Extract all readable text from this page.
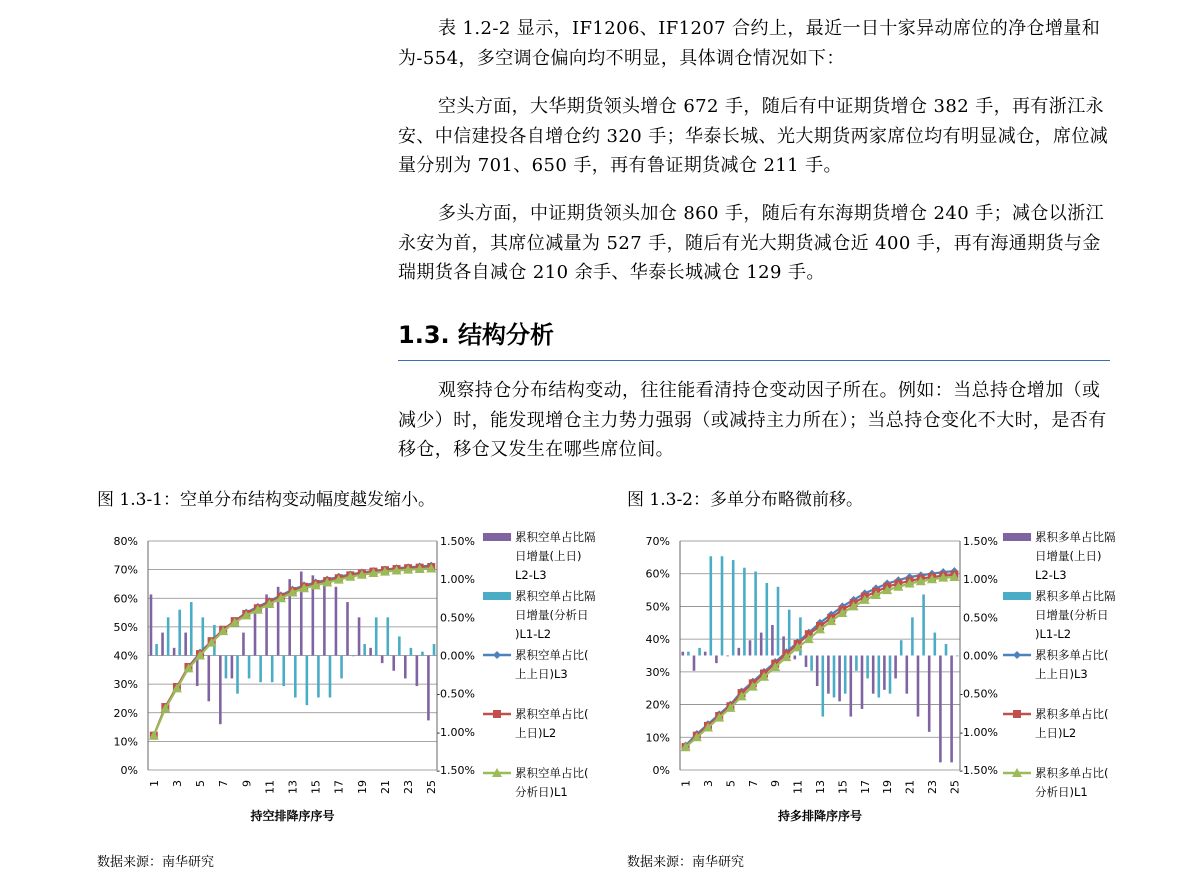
表 1.2-2 显示，IF1206、IF1207 合约上，最近一日十家异动席位的净仓增量和为-554，多空调仓偏向均不明显，具体调仓情况如下：

空头方面，大华期货领头增仓 672 手，随后有中证期货增仓 382 手，再有浙江永安、中信建投各自增仓约 320 手；华泰长城、光大期货两家席位均有明显减仓，席位减量分别为 701、650 手，再有鲁证期货减仓 211 手。

多头方面，中证期货领头加仓 860 手，随后有东海期货增仓 240 手；减仓以浙江永安为首，其席位减量为 527 手，随后有光大期货减仓近 400 手，再有海通期货与金瑞期货各自减仓 210 余手、华泰长城减仓 129 手。

1.3. 结构分析

观察持仓分布结构变动，往往能看清持仓变动因子所在。例如：当总持仓增加（或减少）时，能发现增仓主力势力强弱（或减持主力所在）；当总持仓变化不大时，是否有移仓，移仓又发生在哪些席位间。

图 1.3-1：空单分布结构变动幅度越发缩小。	图 1.3-2：多单分布略微前移。
0%
10%
20%
30%
40%
50%
60%
70%
80%
-1.50%
-1.00%
-0.50%
0.00%
0.50%
1.00%
1.50%
1 3 5 7 9 11 13 15 17 19 21 23 25
持空排降序序号
累积空单占比隔日增量(上日) L2-L3
累积空单占比隔日增量(分析日)L1-L2
累积空单占比(上上日)L3
累积空单占比(上日)L2
累积空单占比(分析日)L1
0%
10%
20%
30%
40%
50%
60%
70%
-1.50%
-1.00%
-0.50%
0.00%
0.50%
1.00%
1.50%
1 3 5 7 9 11 13 15 17 19 21 23 25
持多排降序序号
累积多单占比隔日增量(上日) L2-L3
累积多单占比隔日增量(分析日)L1-L2
累积多单占比(上上日)L3
累积多单占比(上日)L2
累积多单占比(分析日)L1
数据来源：南华研究	数据来源：南华研究
